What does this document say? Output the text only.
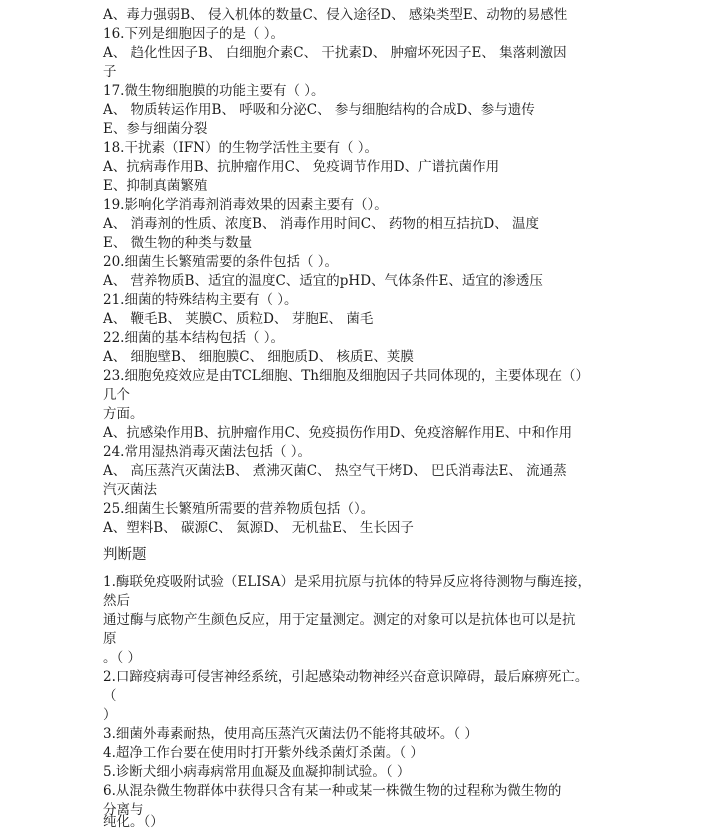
A、毒力强弱B、 侵入机体的数量C、侵入途径D、 感染类型E、动物的易感性

16.下列是细胞因子的是（ ）。

A、 趋化性因子B、 白细胞介素C、 干扰素D、 肿瘤坏死因子E、 集落刺激因

子

17.微生物细胞膜的功能主要有（ ）。

A、 物质转运作用B、 呼吸和分泌C、 参与细胞结构的合成D、参与遗传

E、参与细菌分裂

18.干扰素（IFN）的生物学活性主要有（ ）。

A、抗病毒作用B、抗肿瘤作用C、 免疫调节作用D、广谱抗菌作用

E、抑制真菌繁殖

19.影响化学消毒剂消毒效果的因素主要有（）。

A、 消毒剂的性质、浓度B、 消毒作用时间C、 药物的相互拮抗D、 温度

E、 微生物的种类与数量

20.细菌生长繁殖需要的条件包括（ ）。

A、 营养物质B、适宜的温度C、适宜的pHD、气体条件E、适宜的渗透压

21.细菌的特殊结构主要有（ ）。

A、 鞭毛B、 荚膜C、质粒D、 芽胞E、 菌毛

22.细菌的基本结构包括（ ）。

A、 细胞壁B、 细胞膜C、 细胞质D、 核质E、荚膜

23.细胞免疫效应是由TCL细胞、Th细胞及细胞因子共同体现的，主要体现在（）

几个

方面。

A、抗感染作用B、抗肿瘤作用C、免疫损伤作用D、免疫溶解作用E、中和作用

24.常用湿热消毒灭菌法包括（ ）。

A、 高压蒸汽灭菌法B、 煮沸灭菌C、 热空气干烤D、 巴氏消毒法E、 流通蒸

汽灭菌法

25.细菌生长繁殖所需要的营养物质包括（）。

A、塑料B、 碳源C、 氮源D、 无机盐E、 生长因子

判断题

1.酶联免疫吸附试验（ELISA）是采用抗原与抗体的特异反应将待测物与酶连接，

然后

通过酶与底物产生颜色反应，用于定量测定。测定的对象可以是抗体也可以是抗

原

。（ ）

2.口蹄疫病毒可侵害神经系统，引起感染动物神经兴奋意识障碍，最后麻痹死亡。

（

）

3.细菌外毒素耐热，使用高压蒸汽灭菌法仍不能将其破坏。（ ）

4.超净工作台要在使用时打开紫外线杀菌灯杀菌。（ ）

5.诊断犬细小病毒病常用血凝及血凝抑制试验。（ ）

6.从混杂微生物群体中获得只含有某一种或某一株微生物的过程称为微生物的

分离与

纯化。（）
